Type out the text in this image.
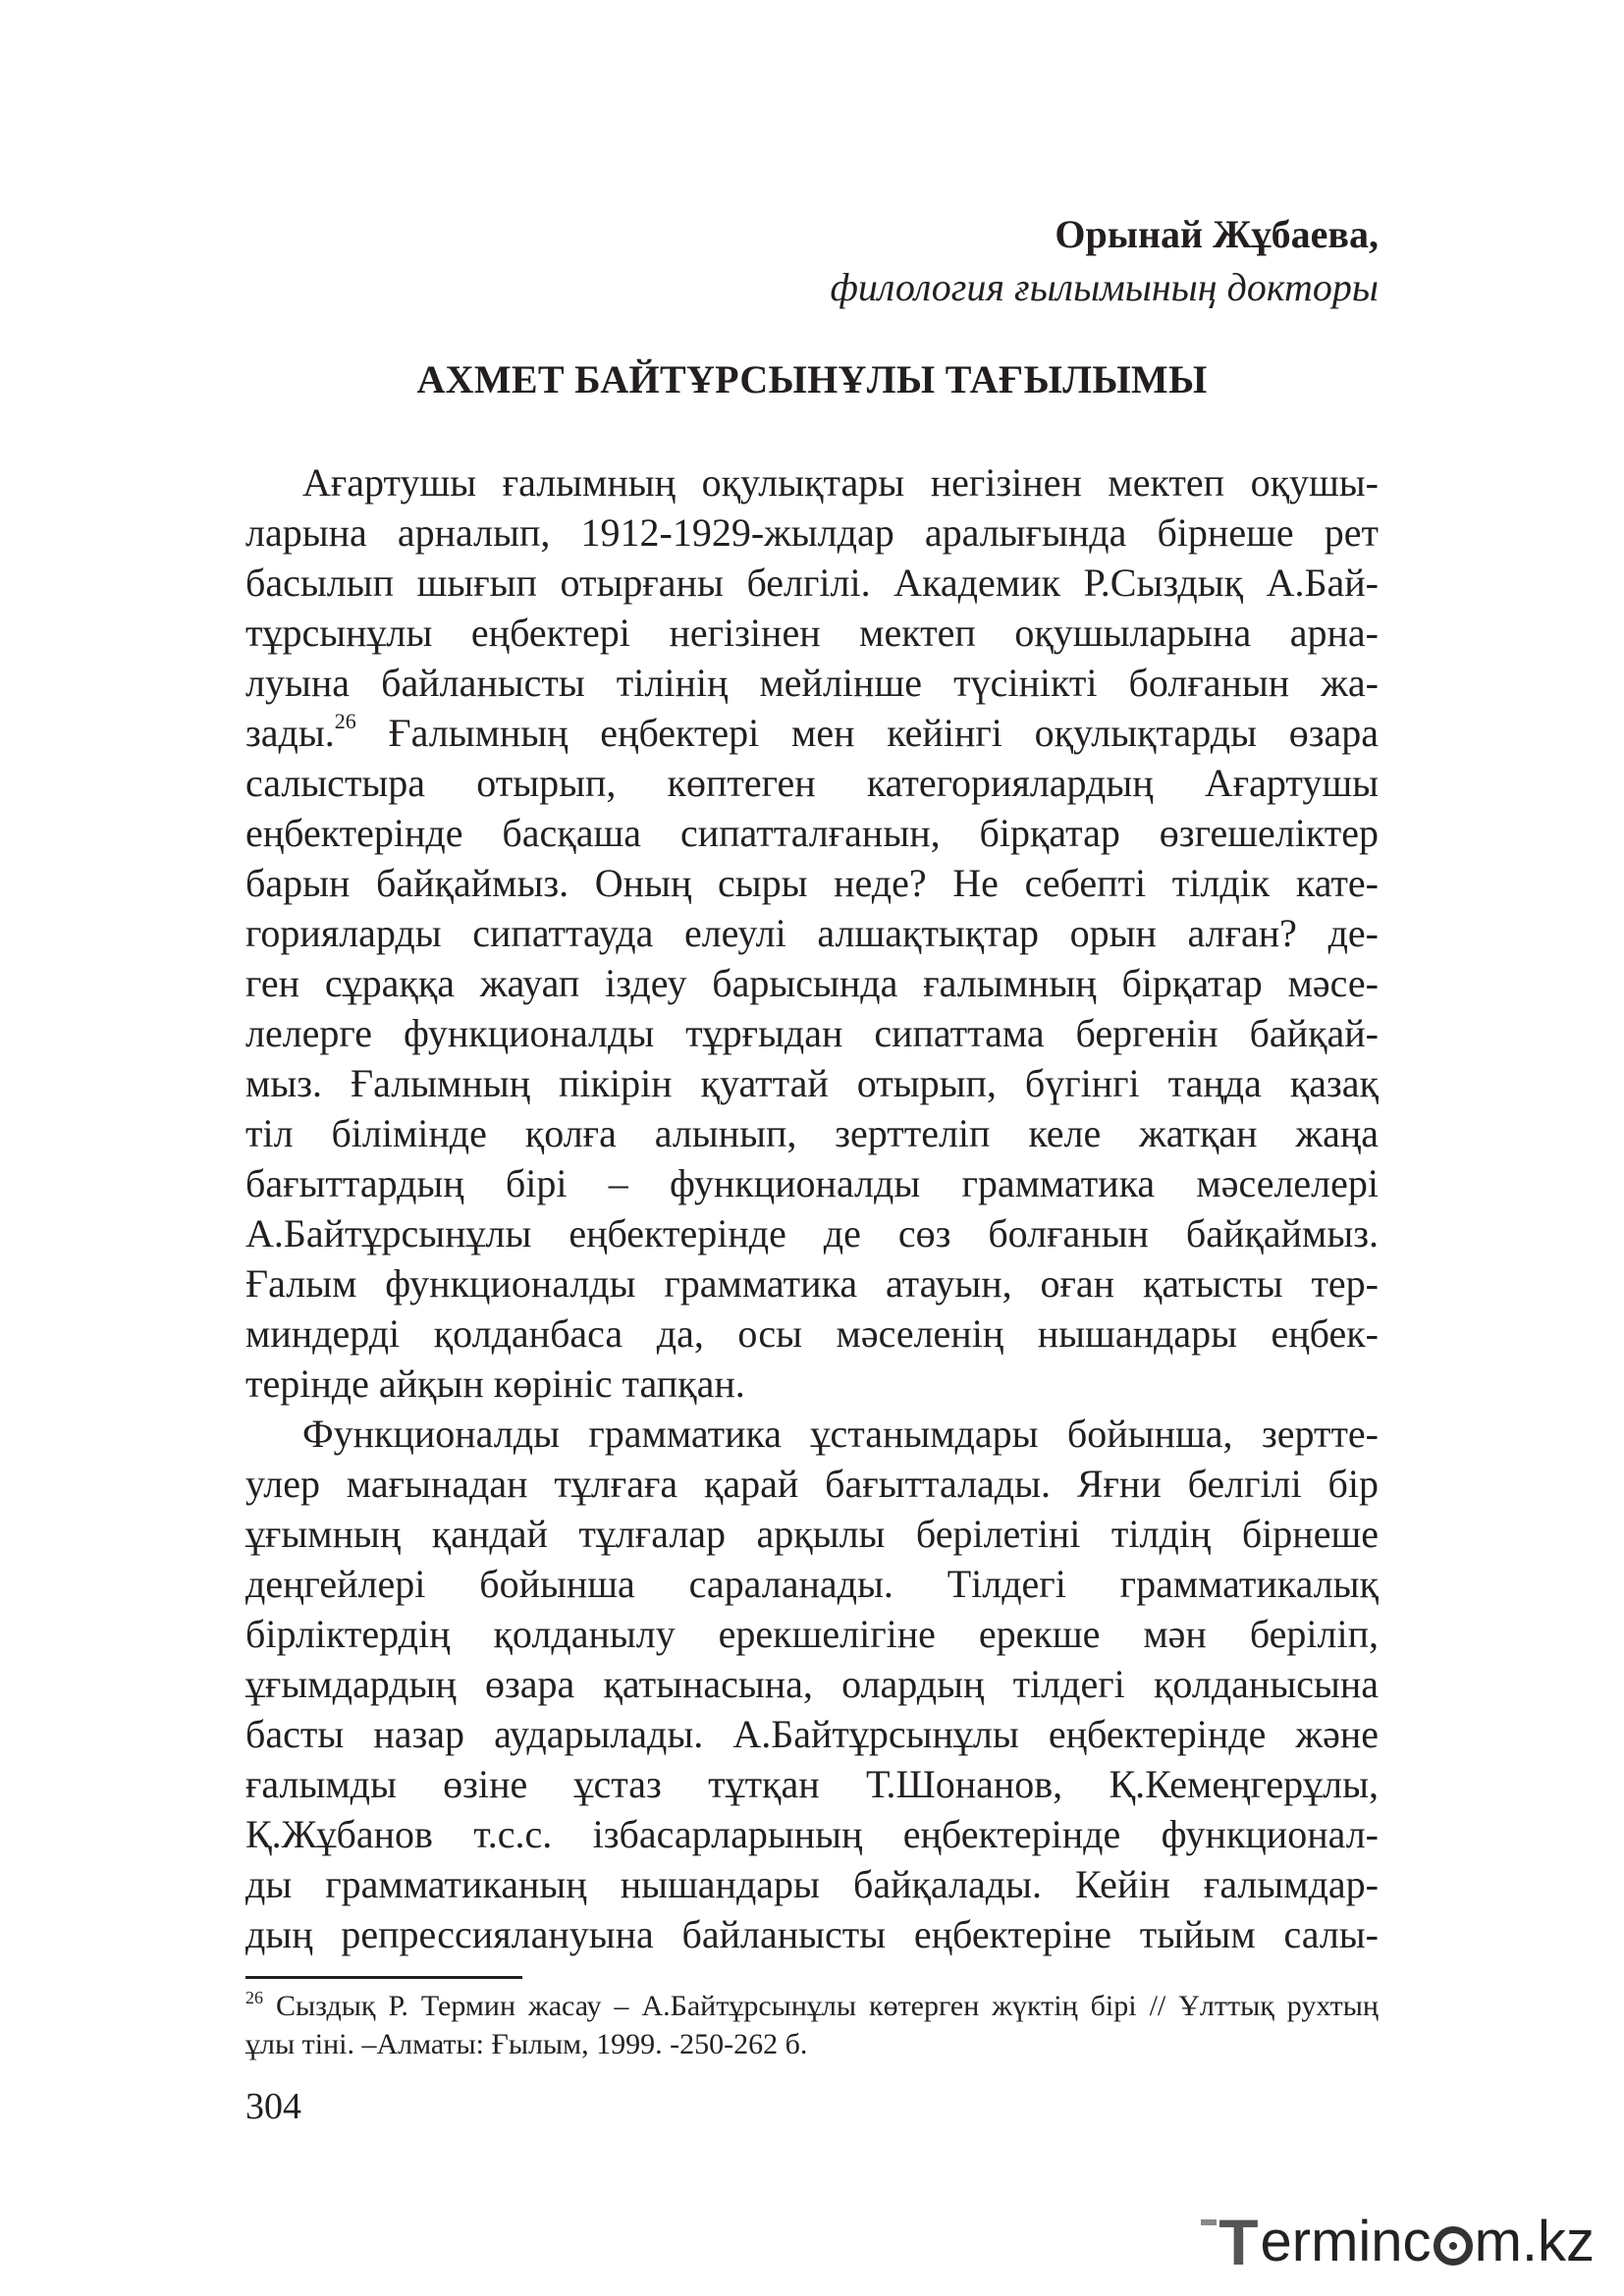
Орынай Жұбаева,
филология ғылымының докторы
АХМЕТ БАЙТҰРСЫНҰЛЫ ТАҒЫЛЫМЫ
Ағартушы ғалымның оқулықтары негізінен мектеп оқушы-
ларына арналып, 1912-1929-жылдар аралығында бірнеше рет
басылып шығып отырғаны белгілі. Академик Р.Сыздық А.Бай-
тұрсынұлы еңбектері негізінен мектеп оқушыларына арна-
луына байланысты тілінің мейлінше түсінікті болғанын жа-
зады.$^{26}$ Ғалымның еңбектері мен кейінгі оқулықтарды өзара
салыстыра отырып, көптеген категориялардың Ағартушы
еңбектерінде басқаша сипатталғанын, бірқатар өзгешеліктер
барын байқаймыз. Оның сыры неде? Не себепті тілдік кате-
горияларды сипаттауда елеулі алшақтықтар орын алған? де-
ген сұраққа жауап іздеу барысында ғалымның бірқатар мәсе-
лелерге функционалды тұрғыдан сипаттама бергенін байқай-
мыз. Ғалымның пікірін қуаттай отырып, бүгінгі таңда қазақ
тіл білімінде қолға алынып, зерттеліп келе жатқан жаңа
бағыттардың бірі – функционалды грамматика мәселелері
А.Байтұрсынұлы еңбектерінде де сөз болғанын байқаймыз.
Ғалым функционалды грамматика атауын, оған қатысты тер-
миндерді қолданбаса да, осы мәселенің нышандары еңбек-
терінде айқын көрініс тапқан.
Функционалды грамматика ұстанымдары бойынша, зертте-
улер мағынадан тұлғаға қарай бағытталады. Яғни белгілі бір
ұғымның қандай тұлғалар арқылы берілетіні тілдің бірнеше
деңгейлері бойынша сараланады. Тілдегі грамматикалық
бірліктердің қолданылу ерекшелігіне ерекше мән беріліп,
ұғымдардың өзара қатынасына, олардың тілдегі қолданысына
басты назар аударылады. А.Байтұрсынұлы еңбектерінде және
ғалымды өзіне ұстаз тұтқан Т.Шонанов, Қ.Кемеңгерұлы,
Қ.Жұбанов т.с.с. ізбасарларының еңбектерінде функционал-
ды грамматиканың нышандары байқалады. Кейін ғалымдар-
дың репрессиялануына байланысты еңбектеріне тыйым салы-
$^{26}$ Сыздық Р. Термин жасау – А.Байтұрсынұлы көтерген жүктің бірі // Ұлттық рухтың
ұлы тіні. –Алматы: Ғылым, 1999. -250-262 б.
304
T erminc m.kz
